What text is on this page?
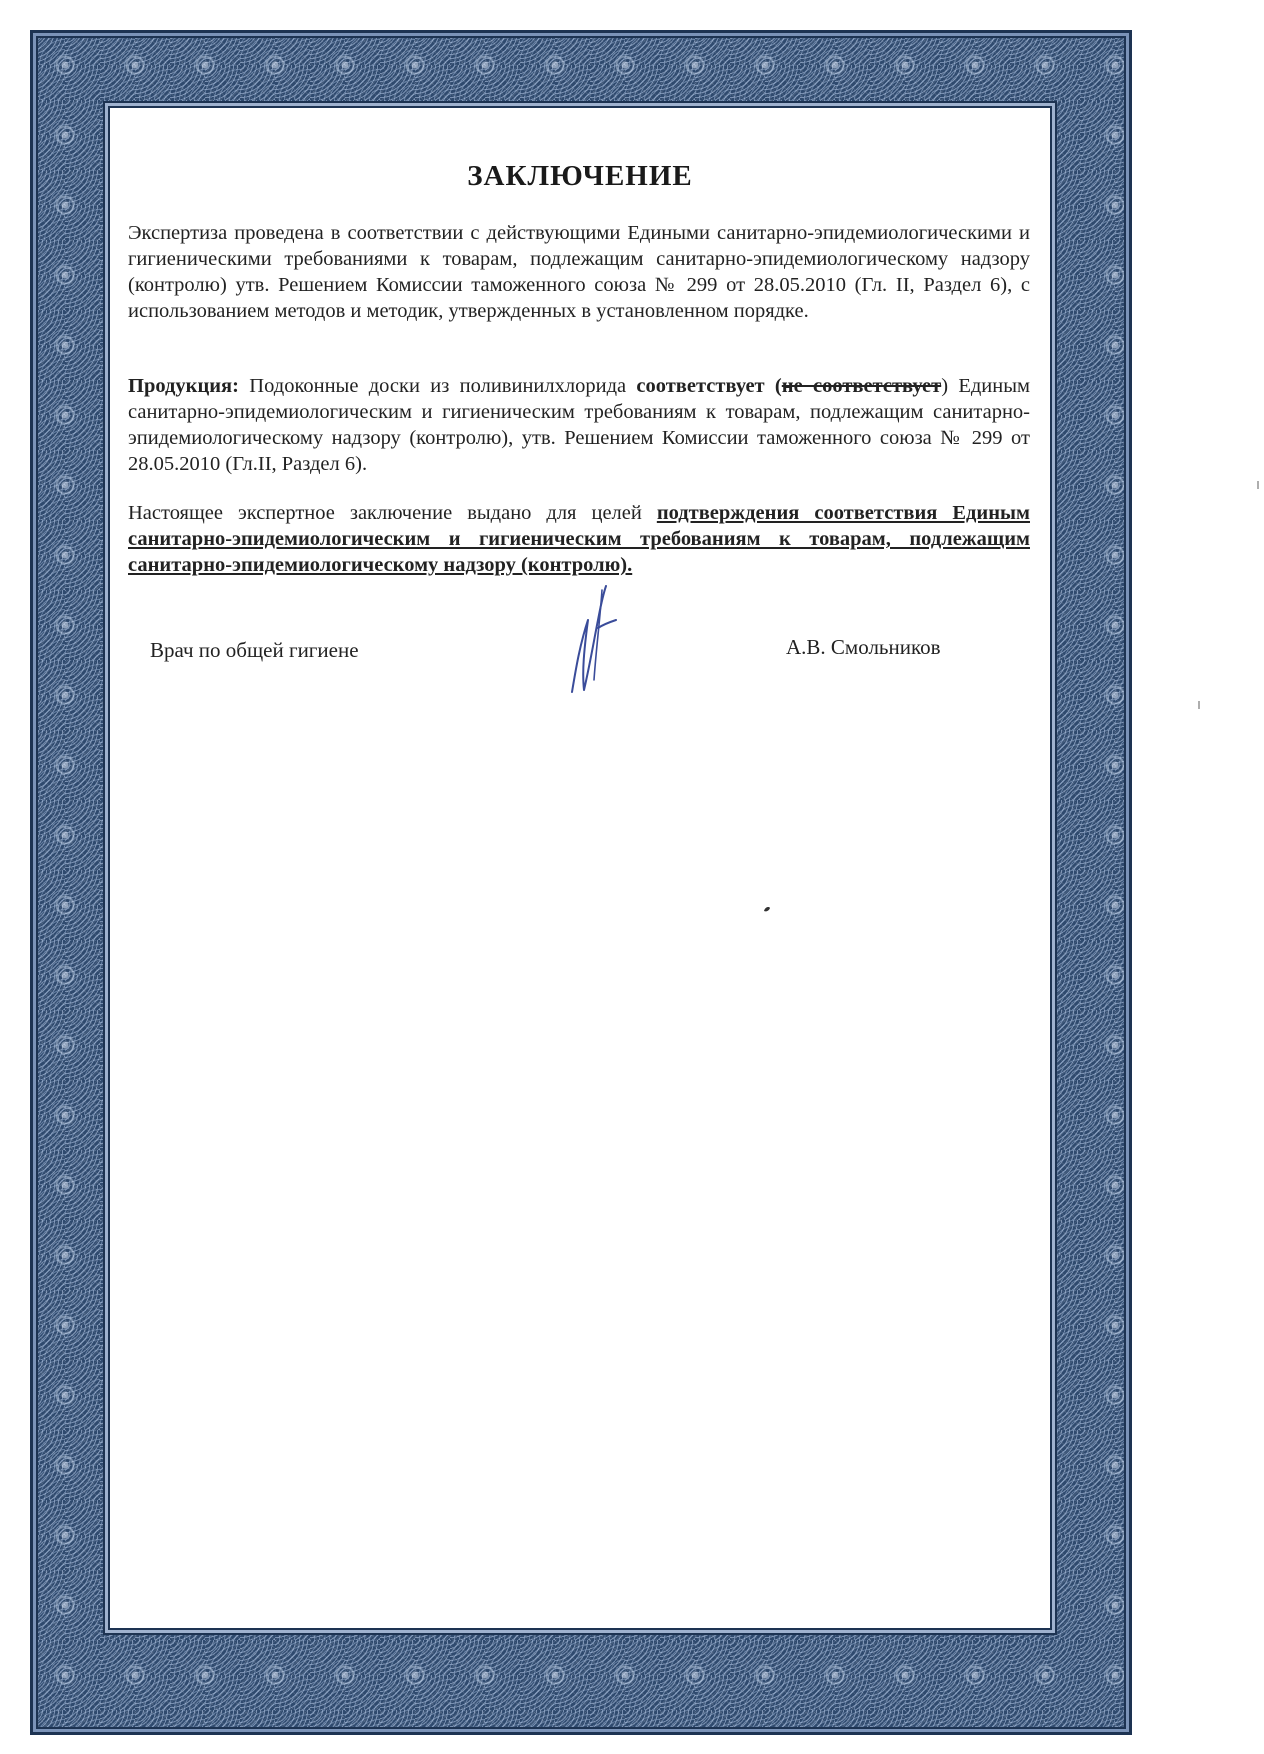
ЗАКЛЮЧЕНИЕ

Экспертиза проведена в соответствии с действующими Едиными санитарно-эпидемиологическими и гигиеническими требованиями к товарам, подлежащим санитарно-эпидемиологическому надзору (контролю) утв. Решением Комиссии таможенного союза № 299 от 28.05.2010 (Гл. II, Раздел 6), с использованием методов и методик, утвержденных в установленном порядке.

Продукция: Подоконные доски из поливинилхлорида соответствует (не соответствует) Единым санитарно-эпидемиологическим и гигиеническим требованиям к товарам, подлежащим санитарно-эпидемиологическому надзору (контролю), утв. Решением Комиссии таможенного союза № 299 от 28.05.2010 (Гл.II, Раздел 6).

Настоящее экспертное заключение выдано для целей подтверждения соответствия Единым санитарно-эпидемиологическим и гигиеническим требованиям к товарам, подлежащим санитарно-эпидемиологическому надзору (контролю).

Врач по общей гигиене	А.В. Смольников
